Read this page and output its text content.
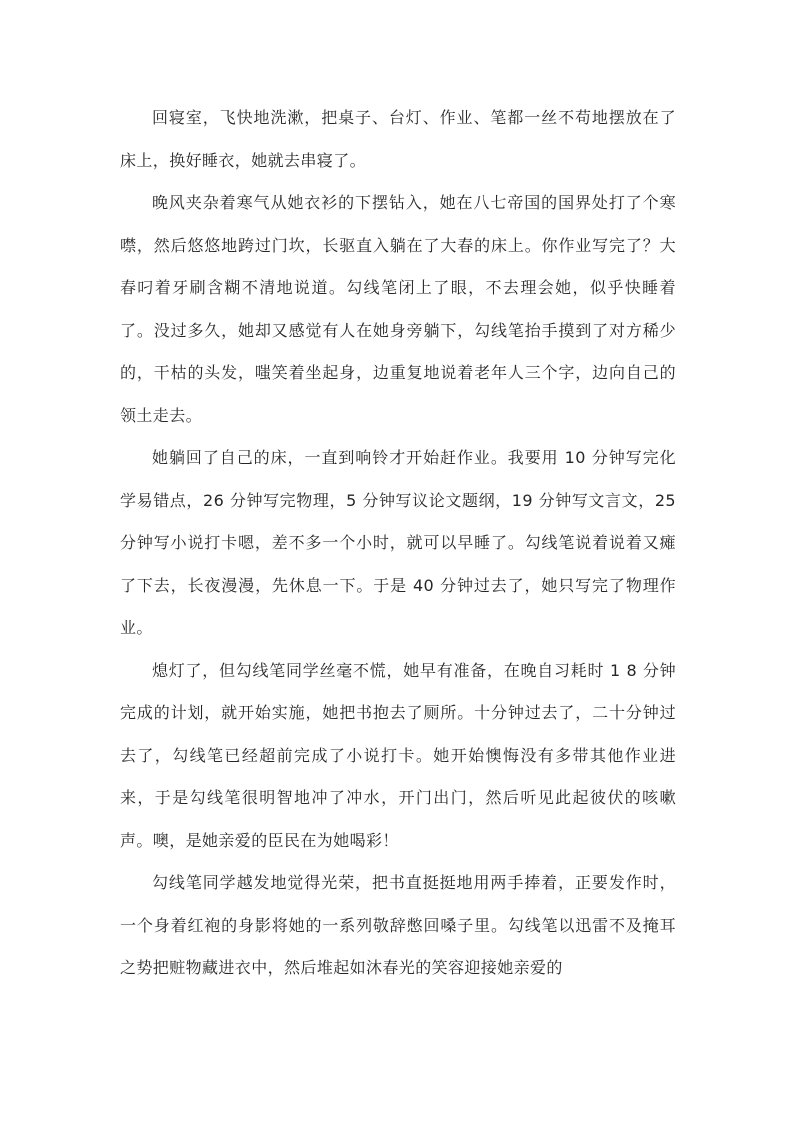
回寝室，飞快地洗漱，把桌子、台灯、作业、笔都一丝不苟地摆放在了床上，换好睡衣，她就去串寝了。

晚风夹杂着寒气从她衣衫的下摆钻入，她在八七帝国的国界处打了个寒噤，然后悠悠地跨过门坎，长驱直入躺在了大春的床上。你作业写完了？大春叼着牙刷含糊不清地说道。勾线笔闭上了眼，不去理会她，似乎快睡着了。没过多久，她却又感觉有人在她身旁躺下，勾线笔抬手摸到了对方稀少的，干枯的头发，嗤笑着坐起身，边重复地说着老年人三个字，边向自己的领土走去。

她躺回了自己的床，一直到响铃才开始赶作业。我要用 10 分钟写完化学易错点，26 分钟写完物理，5 分钟写议论文题纲，19 分钟写文言文，25 分钟写小说打卡嗯，差不多一个小时，就可以早睡了。勾线笔说着说着又瘫了下去，长夜漫漫，先休息一下。于是 40 分钟过去了，她只写完了物理作业。

熄灯了，但勾线笔同学丝毫不慌，她早有准备，在晚自习耗时 1 8 分钟完成的计划，就开始实施，她把书抱去了厕所。十分钟过去了，二十分钟过去了，勾线笔已经超前完成了小说打卡。她开始懊悔没有多带其他作业进来，于是勾线笔很明智地冲了冲水，开门出门，然后听见此起彼伏的咳嗽声。噢，是她亲爱的臣民在为她喝彩！

勾线笔同学越发地觉得光荣，把书直挺挺地用两手捧着，正要发作时，一个身着红袍的身影将她的一系列敬辞憋回嗓子里。勾线笔以迅雷不及掩耳之势把赃物藏进衣中，然后堆起如沐春光的笑容迎接她亲爱的
